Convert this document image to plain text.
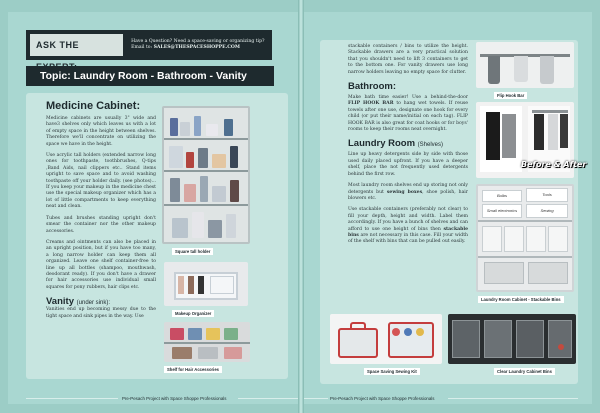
ASK THE	Have a Question? Need a space-saving or organizing tip?
Email to: SALES@THESPACESHOPPE.COM
Topic: Laundry Room - Bathroom - Vanity
Medicine Cabinet:

Medicine cabinets are usually 3" wide and have3 shelves only which leaves us with a lot of empty space in the height between shelves. Therefore we'll concentrate on utilizing the space we have in the height.

Use acrylic tall holders (extended narrow long ones for toothpaste, toothbrushes, Q-tips ,Band Aids, nail clippers etc.. Stand items upright to save space and to avoid washing toothpaste off your holder daily. (see photos)... If you keep your makeup in the medicine chest use the special makeup organizer which has a lot of little compartments to keep everything neat and clean.

Tubes and brushes standing upright don't smear the container nor the other makeup accessories.

Creams and ointments can also be placed in an upright position, but if you have too many, a long narrow holder can keep them all organized. Leave one shelf container-free to line up all bottles (shampoo, mouthwash, deodorant ready). If you don't have a drawer for hair accessories use individual small squares for pony rubbers, hair clips etc.

Vanity (under sink):

Vanities end up becoming messy due to the tight space and sink pipes in the way. Use

Square tall holder
Makeup Organizer
Shelf for Hair Accessories

stackable containers / bins to utilize the height. Stackable drawers are a very practical solution that you shouldn't need to lift 3 containers to get to the bottom one. For vanity drawers use long narrow holders leaving no empty space for clutter.

Bathroom:

Make bath time easier! Use a behind-the-door FLIP HOOK BAR to hang wet towels. If reuse towels after one use, designate one hook for every child (or put their name/initial on each tag). FLIP HOOK BAR is also great for coat hooks or for boys' rooms to keep their rooms neat overnight.

Laundry Room (Shelves)

Line up heavy detergents side by side with those used daily placed upfront. If you have a deeper shelf, place the not frequently used detergents behind the first row.

Most laundry room shelves end up storing not only detergents but sewing boxes, shoe polish, hair blowers etc.

Use stackable containers (preferably not clear) to fill your depth, height and width. Label them accordingly. If you have a bunch of shelves and can afford to use one height of bins then stackable bins are not necessary in this case. Fill your width of the shelf with bins that can be pulled out easily.

Flip Hook Bar
Before & After
Bulbs	Tools
Small electronics	Sewing
Laundry Room Cabinet - Stackable Bins
Space Saving Sewing Kit	Clear Laundry Cabinet Bins
Pre-Pesach Project with Space Shoppe Professionals	Pre-Pesach Project with Space Shoppe Professionals
